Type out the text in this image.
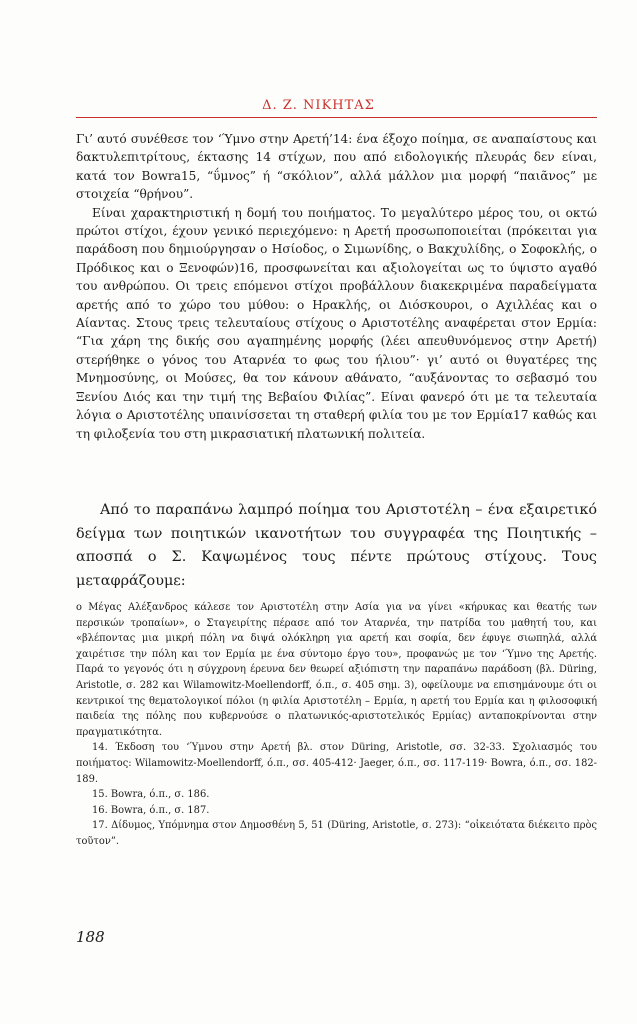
Δ. Ζ. ΝΙΚΗΤΑΣ

Γι’ αυτό συνέθεσε τον ‘Ύμνο στην Αρετή’14: ένα έξοχο ποίημα, σε αναπαίστους και δακτυλεπιτρίτους, έκτασης 14 στίχων, που από ειδολογικής πλευράς δεν είναι, κατά τον Bowra15, “ΰμνος” ή “σκόλιον”, αλλά μάλλον μια μορφή “παιᾶνος” με στοιχεία “θρήνου”.

Είναι χαρακτηριστική η δομή του ποιήματος. Το μεγαλύτερο μέρος του, οι οκτώ πρώτοι στίχοι, έχουν γενικό περιεχόμενο: η Αρετή προσωποποιείται (πρόκειται για παράδοση που δημιούργησαν ο Ησίοδος, ο Σιμωνίδης, ο Βακχυλίδης, ο Σοφοκλής, ο Πρόδικος και ο Ξενοφών)16, προσφωνείται και αξιολογείται ως το ύψιστο αγαθό του ανθρώπου. Οι τρεις επόμενοι στίχοι προβάλλουν διακεκριμένα παραδείγματα αρετής από το χώρο του μύθου: ο Ηρακλής, οι Διόσκουροι, ο Αχιλλέας και ο Αίαντας. Στους τρεις τελευταίους στίχους ο Αριστοτέλης αναφέρεται στον Ερμία: “Για χάρη της δικής σου αγαπημένης μορφής (λέει απευθυνόμενος στην Αρετή) στερήθηκε ο γόνος του Αταρνέα το φως του ήλιου”· γι’ αυτό οι θυγατέρες της Μνημοσύνης, οι Μούσες, θα τον κάνουν αθάνατο, “αυξάνοντας το σεβασμό του Ξενίου Διός και την τιμή της Βεβαίου Φιλίας”. Είναι φανερό ότι με τα τελευταία λόγια ο Αριστοτέλης υπαινίσσεται τη σταθερή φιλία του με τον Ερμία17 καθώς και τη φιλοξενία του στη μικρασιατική πλατωνική πολιτεία.

Από το παραπάνω λαμπρό ποίημα του Αριστοτέλη – ένα εξαιρετικό δείγμα των ποιητικών ικανοτήτων του συγγραφέα της Ποιητικής – αποσπά ο Σ. Καψωμένος τους πέντε πρώτους στίχους. Τους μεταφράζουμε:

ο Μέγας Αλέξανδρος κάλεσε τον Αριστοτέλη στην Ασία για να γίνει «κήρυκας και θεατής των περσικών τροπαίων», ο Σταγειρίτης πέρασε από τον Αταρνέα, την πατρίδα του μαθητή του, και «βλέποντας μια μικρή πόλη να διψά ολόκληρη για αρετή και σοφία, δεν έφυγε σιωπηλά, αλλά χαιρέτισε την πόλη και τον Ερμία με ένα σύντομο έργο του», προφανώς με τον ‘Ύμνο της Αρετής. Παρά το γεγονός ότι η σύγχρονη έρευνα δεν θεωρεί αξιόπιστη την παραπάνω παράδοση (βλ. Düring, Aristotle, σ. 282 και Wilamowitz-Moellendorff, ό.π., σ. 405 σημ. 3), οφείλουμε να επισημάνουμε ότι οι κεντρικοί της θεματολογικοί πόλοι (η φιλία Αριστοτέλη – Ερμία, η αρετή του Ερμία και η φιλοσοφική παιδεία της πόλης που κυβερνούσε ο πλατωνικός-αριστοτελικός Ερμίας) ανταποκρίνονται στην πραγματικότητα.

14. Έκδοση του ‘Ύμνου στην Αρετή βλ. στον Düring, Aristotle, σσ. 32-33. Σχολιασμός του ποιήματος: Wilamowitz-Moellendorff, ό.π., σσ. 405-412· Jaeger, ό.π., σσ. 117-119· Bowra, ό.π., σσ. 182-189.

15. Bowra, ό.π., σ. 186.

16. Bowra, ό.π., σ. 187.

17. Δίδυμος, Υπόμνημα στον Δημοσθένη 5, 51 (Düring, Aristotle, σ. 273): “οἰκειότατα διέκειτο πρὸς τοῦτον”.

188
